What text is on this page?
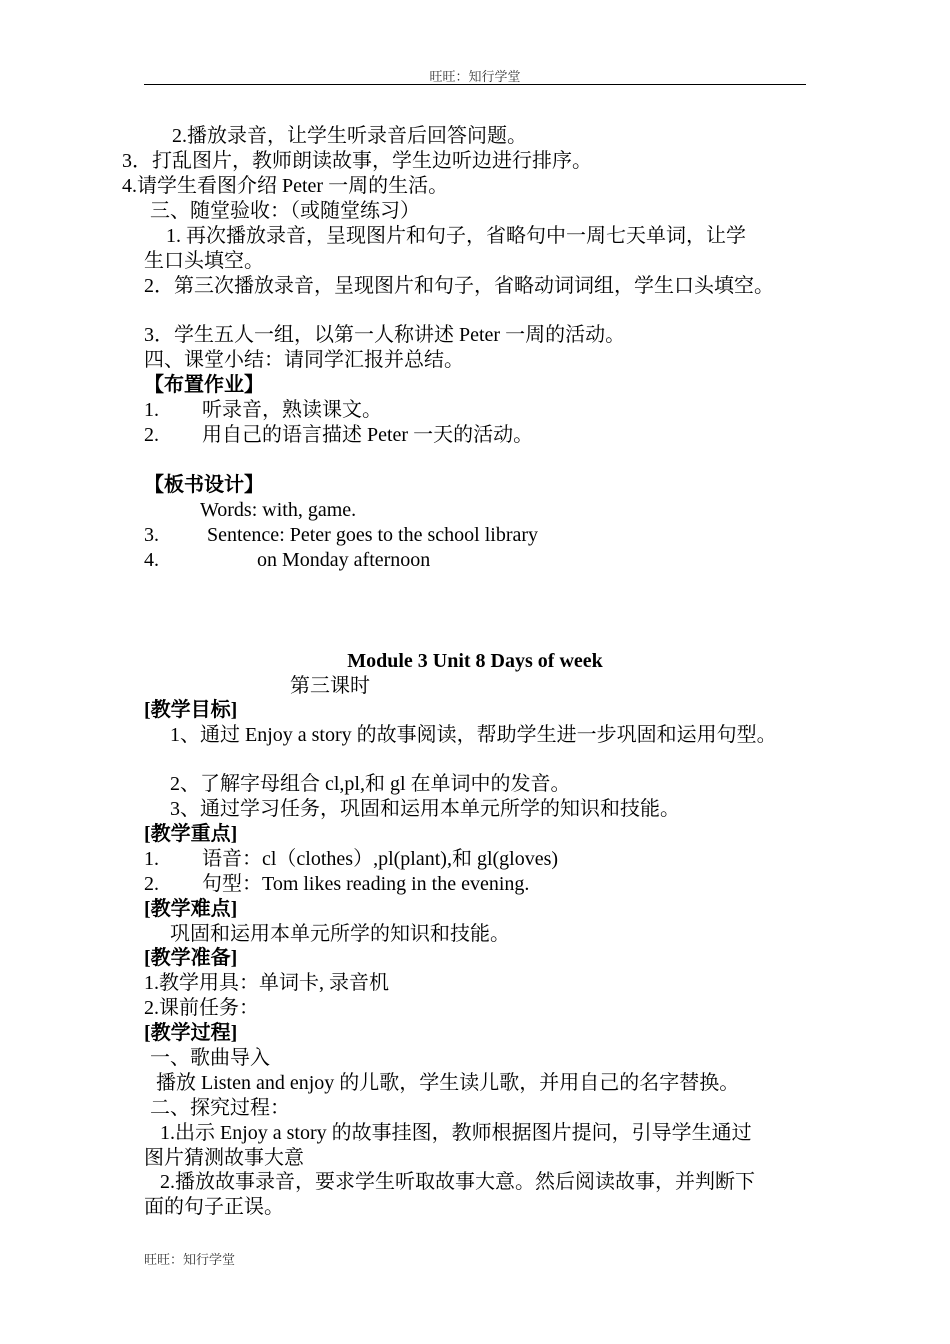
旺旺：知行学堂
2.播放录音，让学生听录音后回答问题。
3．打乱图片，教师朗读故事，学生边听边进行排序。
4.请学生看图介绍 Peter 一周的生活。
三、随堂验收：（或随堂练习）
1. 再次播放录音，呈现图片和句子，省略句中一周七天单词，让学
生口头填空。
2．第三次播放录音，呈现图片和句子，省略动词词组，学生口头填空。
3．学生五人一组，以第一人称讲述 Peter 一周的活动。
四、课堂小结：请同学汇报并总结。
【布置作业】
1. 听录音，熟读课文。
2. 用自己的语言描述 Peter 一天的活动。
【板书设计】
Words: with, game.
3. Sentence: Peter goes to the school library
4.	on Monday afternoon
Module 3 Unit 8 Days of week
第三课时
[教学目标]
1、通过 Enjoy a story 的故事阅读，帮助学生进一步巩固和运用句型。
2、了解字母组合 cl,pl,和 gl 在单词中的发音。
3、通过学习任务，巩固和运用本单元所学的知识和技能。
[教学重点]
1. 语音：cl（clothes）,pl(plant),和 gl(gloves)
2. 句型：Tom likes reading in the evening.
[教学难点]
巩固和运用本单元所学的知识和技能。
[教学准备]
1.教学用具：单词卡, 录音机
2.课前任务：
[教学过程]
一、歌曲导入
播放 Listen and enjoy 的儿歌，学生读儿歌，并用自己的名字替换。
二、探究过程：
1.出示 Enjoy a story 的故事挂图，教师根据图片提问，引导学生通过
图片猜测故事大意
2.播放故事录音，要求学生听取故事大意。然后阅读故事，并判断下
面的句子正误。
旺旺：知行学堂
